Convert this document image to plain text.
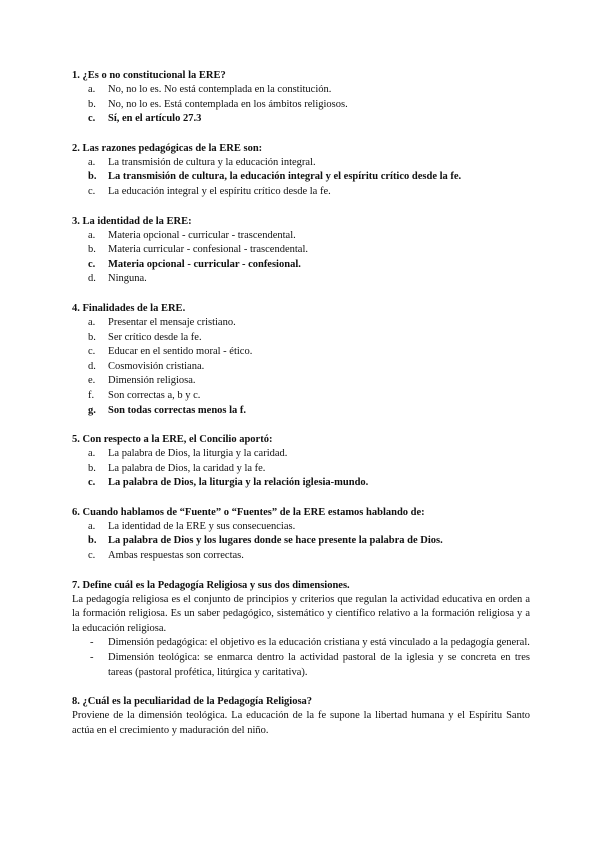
1. ¿Es o no constitucional la ERE?

a. No, no lo es. No está contemplada en la constitución.
b. No, no lo es. Está contemplada en los ámbitos religiosos.
c. Sí, en el artículo 27.3

2. Las razones pedagógicas de la ERE son:

a. La transmisión de cultura y la educación integral.
b. La transmisión de cultura, la educación integral y el espíritu crítico desde la fe.
c. La educación integral y el espíritu crítico desde la fe.

3. La identidad de la ERE:

a. Materia opcional - curricular - trascendental.
b. Materia curricular - confesional - trascendental.
c. Materia opcional - curricular - confesional.
d. Ninguna.

4. Finalidades de la ERE.

a. Presentar el mensaje cristiano.
b. Ser crítico desde la fe.
c. Educar en el sentido moral - ético.
d. Cosmovisión cristiana.
e. Dimensión religiosa.
f. Son correctas a, b y c.
g. Son todas correctas menos la f.

5. Con respecto a la ERE, el Concilio aportó:

a. La palabra de Dios, la liturgia y la caridad.
b. La palabra de Dios, la caridad y la fe.
c. La palabra de Dios, la liturgia y la relación iglesia-mundo.

6. Cuando hablamos de “Fuente” o “Fuentes” de la ERE estamos hablando de:

a. La identidad de la ERE y sus consecuencias.
b. La palabra de Dios y los lugares donde se hace presente la palabra de Dios.
c. Ambas respuestas son correctas.

7. Define cuál es la Pedagogía Religiosa y sus dos dimensiones.

La pedagogía religiosa es el conjunto de principios y criterios que regulan la actividad educativa en orden a la formación religiosa. Es un saber pedagógico, sistemático y científico relativo a la formación religiosa y a la educación religiosa.

- Dimensión pedagógica: el objetivo es la educación cristiana y está vinculado a la pedagogía general.
- Dimensión teológica: se enmarca dentro la actividad pastoral de la iglesia y se concreta en tres tareas (pastoral profética, litúrgica y caritativa).

8. ¿Cuál es la peculiaridad de la Pedagogía Religiosa?

Proviene de la dimensión teológica. La educación de la fe supone la libertad humana y el Espíritu Santo actúa en el crecimiento y maduración del niño.
